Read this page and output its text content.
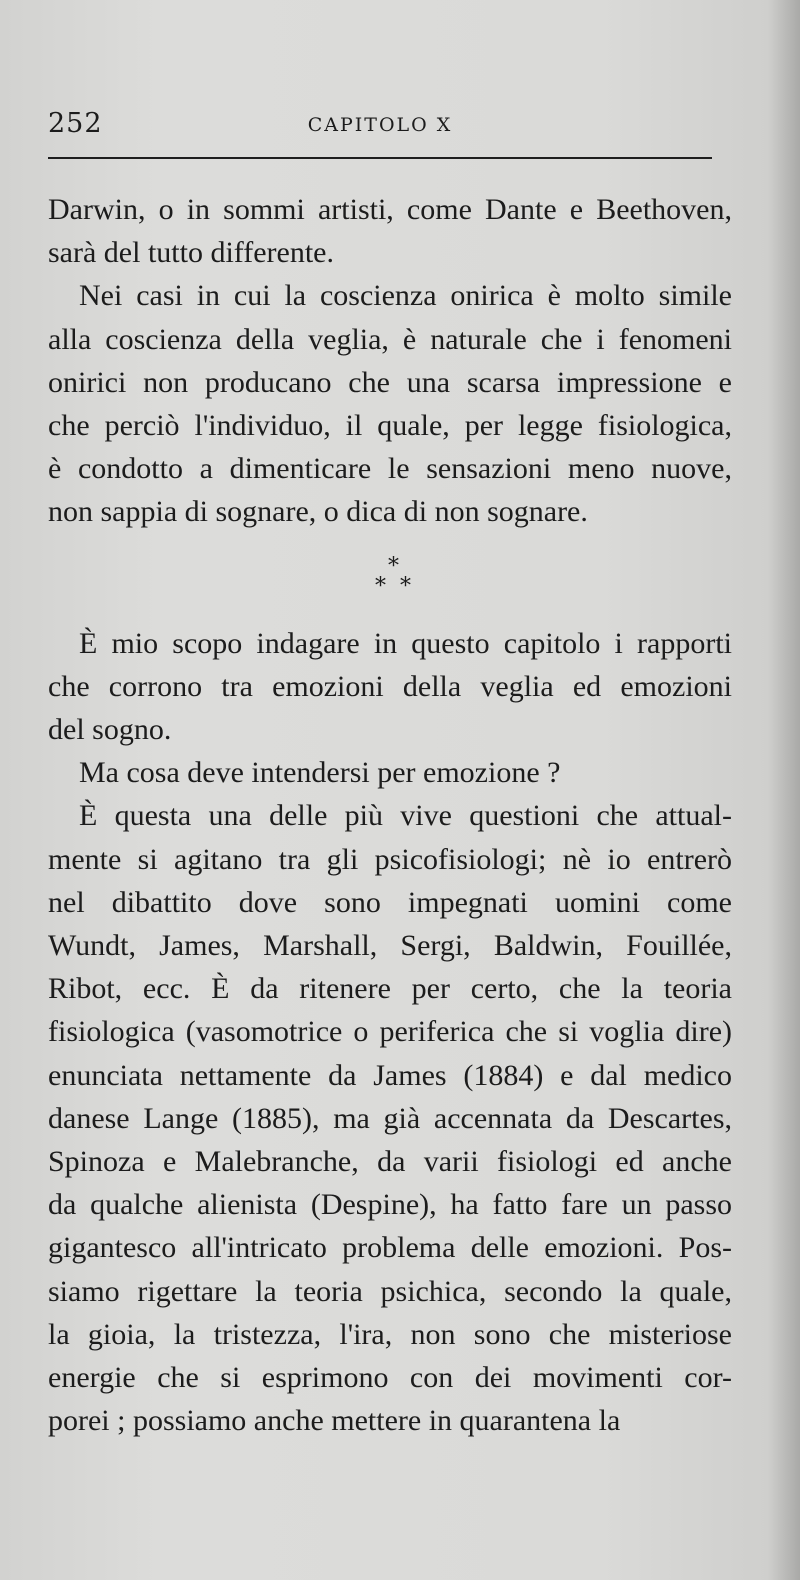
252	CAPITOLO X
Darwin, o in sommi artisti, come Dante e Beethoven,
sarà del tutto differente.
Nei casi in cui la coscienza onirica è molto simile
alla coscienza della veglia, è naturale che i fenomeni
onirici non producano che una scarsa impressione e
che perciò l'individuo, il quale, per legge fisiologica,
è condotto a dimenticare le sensazioni meno nuove,
non sappia di sognare, o dica di non sognare.
*
* *
È mio scopo indagare in questo capitolo i rapporti
che corrono tra emozioni della veglia ed emozioni
del sogno.
Ma cosa deve intendersi per emozione ?
È questa una delle più vive questioni che attual-
mente si agitano tra gli psicofisiologi; nè io entrerò
nel dibattito dove sono impegnati uomini come
Wundt, James, Marshall, Sergi, Baldwin, Fouillée,
Ribot, ecc. È da ritenere per certo, che la teoria
fisiologica (vasomotrice o periferica che si voglia dire)
enunciata nettamente da James (1884) e dal medico
danese Lange (1885), ma già accennata da Descartes,
Spinoza e Malebranche, da varii fisiologi ed anche
da qualche alienista (Despine), ha fatto fare un passo
gigantesco all'intricato problema delle emozioni. Pos-
siamo rigettare la teoria psichica, secondo la quale,
la gioia, la tristezza, l'ira, non sono che misteriose
energie che si esprimono con dei movimenti cor-
porei ; possiamo anche mettere in quarantena la
